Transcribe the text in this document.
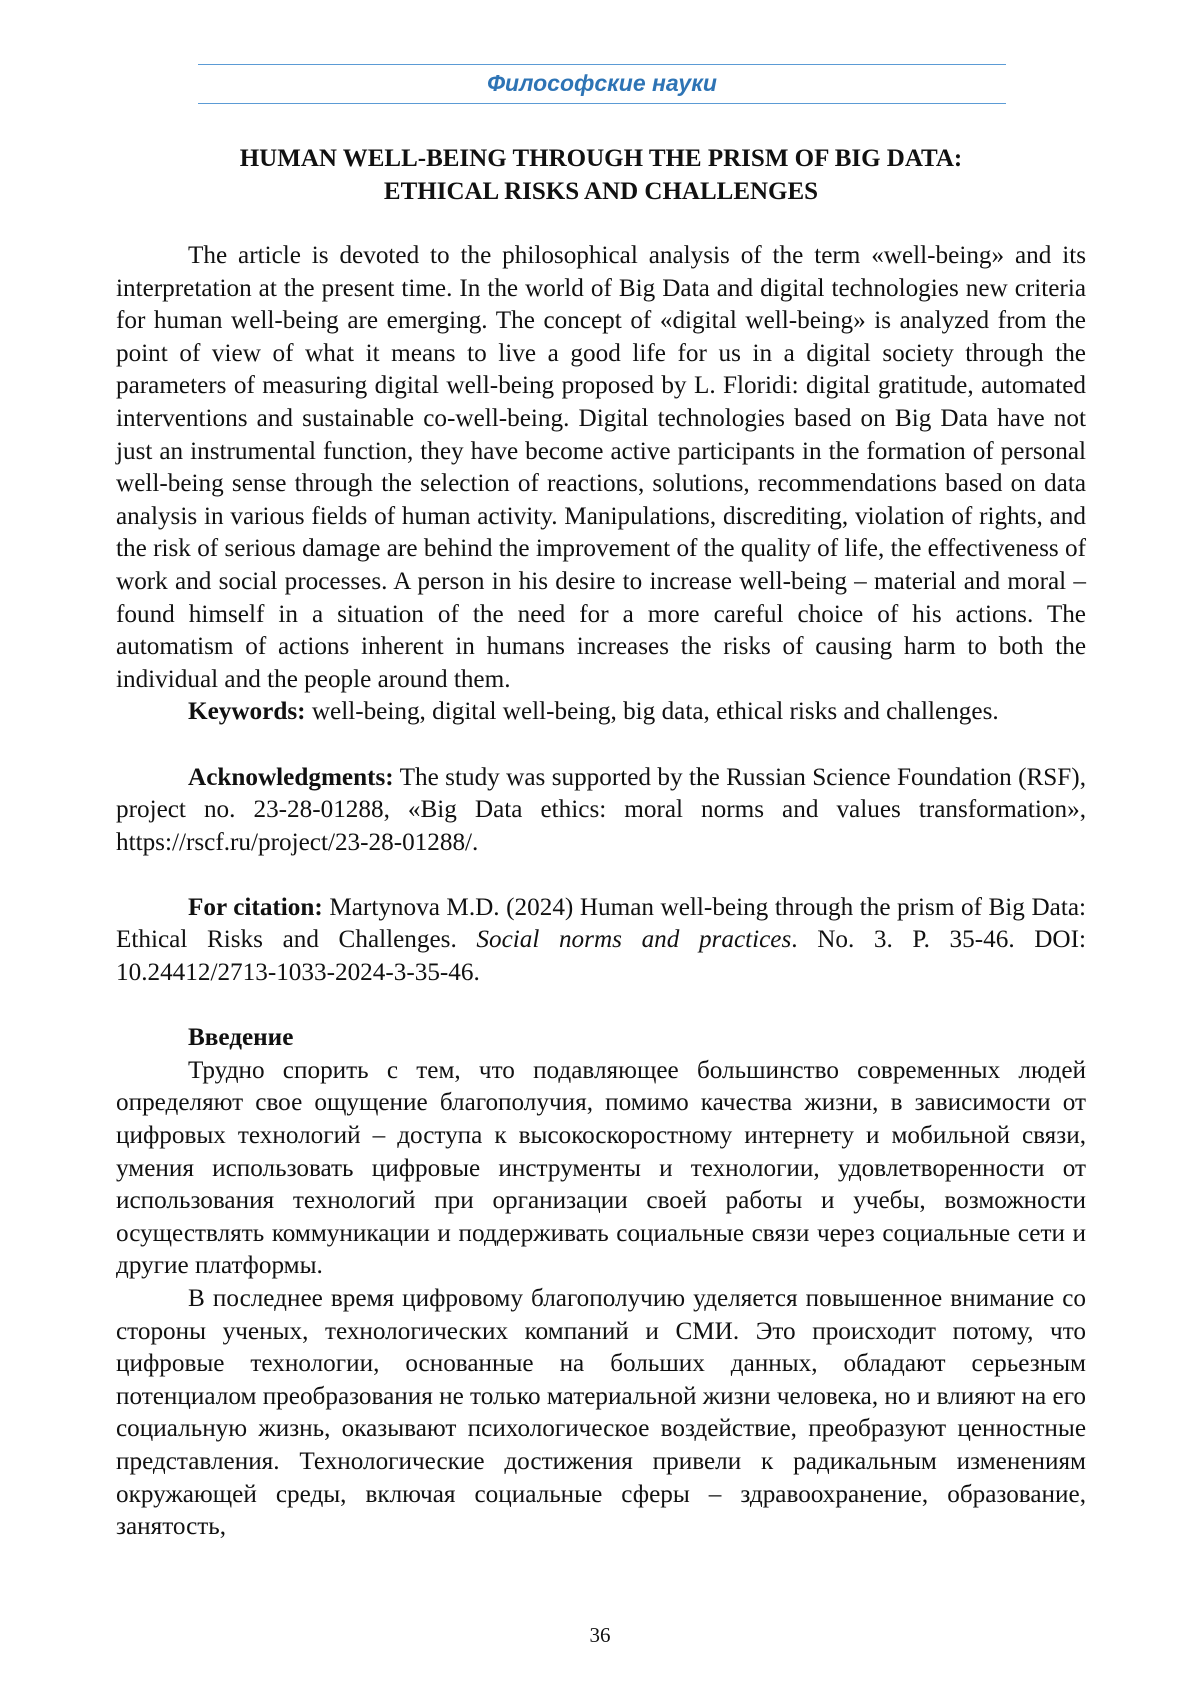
Философские науки
HUMAN WELL-BEING THROUGH THE PRISM OF BIG DATA:
ETHICAL RISKS AND CHALLENGES

The article is devoted to the philosophical analysis of the term «well-being» and its interpretation at the present time. In the world of Big Data and digital technologies new criteria for human well-being are emerging. The concept of «digital well-being» is analyzed from the point of view of what it means to live a good life for us in a digital society through the parameters of measuring digital well-being proposed by L. Floridi: digital gratitude, automated interventions and sustainable co-well-being. Digital technologies based on Big Data have not just an instrumental function, they have become active participants in the formation of personal well-being sense through the selection of reactions, solutions, recommendations based on data analysis in various fields of human activity. Manipulations, discrediting, violation of rights, and the risk of serious damage are behind the improvement of the quality of life, the effectiveness of work and social processes. A person in his desire to increase well-being – material and moral – found himself in a situation of the need for a more careful choice of his actions. The automatism of actions inherent in humans increases the risks of causing harm to both the individual and the people around them.

Keywords: well-being, digital well-being, big data, ethical risks and challenges.

Acknowledgments: The study was supported by the Russian Science Foundation (RSF), project no. 23-28-01288, «Big Data ethics: moral norms and values transformation», https://rscf.ru/project/23-28-01288/.

For citation: Martynova M.D. (2024) Human well-being through the prism of Big Data: Ethical Risks and Challenges. Social norms and practices. No. 3. P. 35-46. DOI: 10.24412/2713-1033-2024-3-35-46.

Введение

Трудно спорить с тем, что подавляющее большинство современных людей определяют свое ощущение благополучия, помимо качества жизни, в зависимости от цифровых технологий – доступа к высокоскоростному интернету и мобильной связи, умения использовать цифровые инструменты и технологии, удовлетворенности от использования технологий при организации своей работы и учебы, возможности осуществлять коммуникации и поддерживать социальные связи через социальные сети и другие платформы.

В последнее время цифровому благополучию уделяется повышенное внимание со стороны ученых, технологических компаний и СМИ. Это происходит потому, что цифровые технологии, основанные на больших данных, обладают серьезным потенциалом преобразования не только материальной жизни человека, но и влияют на его социальную жизнь, оказывают психологическое воздействие, преобразуют ценностные представления. Технологические достижения привели к радикальным изменениям окружающей среды, включая социальные сферы – здравоохранение, образование, занятость,

36
